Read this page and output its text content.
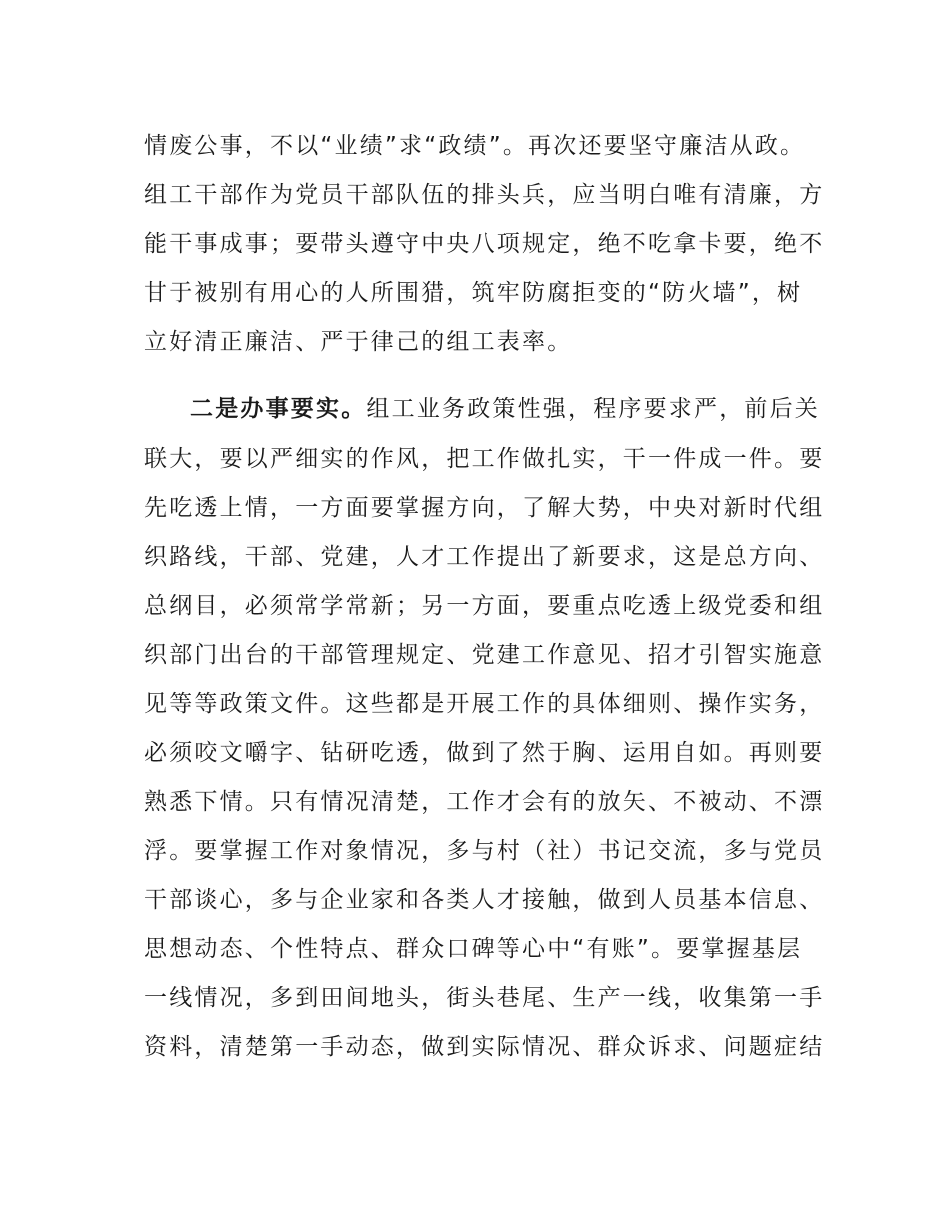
情废公事，不以“业绩”求“政绩”。再次还要坚守廉洁从政。
组工干部作为党员干部队伍的排头兵，应当明白唯有清廉，方
能干事成事；要带头遵守中央八项规定，绝不吃拿卡要，绝不
甘于被别有用心的人所围猎，筑牢防腐拒变的“防火墙”，树
立好清正廉洁、严于律己的组工表率。
二是办事要实。组工业务政策性强，程序要求严，前后关
联大，要以严细实的作风，把工作做扎实，干一件成一件。要
先吃透上情，一方面要掌握方向，了解大势，中央对新时代组
织路线，干部、党建，人才工作提出了新要求，这是总方向、
总纲目，必须常学常新；另一方面，要重点吃透上级党委和组
织部门出台的干部管理规定、党建工作意见、招才引智实施意
见等等政策文件。这些都是开展工作的具体细则、操作实务，
必须咬文嚼字、钻研吃透，做到了然于胸、运用自如。再则要
熟悉下情。只有情况清楚，工作才会有的放矢、不被动、不漂
浮。要掌握工作对象情况，多与村（社）书记交流，多与党员
干部谈心，多与企业家和各类人才接触，做到人员基本信息、
思想动态、个性特点、群众口碑等心中“有账”。要掌握基层
一线情况，多到田间地头，街头巷尾、生产一线，收集第一手
资料，清楚第一手动态，做到实际情况、群众诉求、问题症结
